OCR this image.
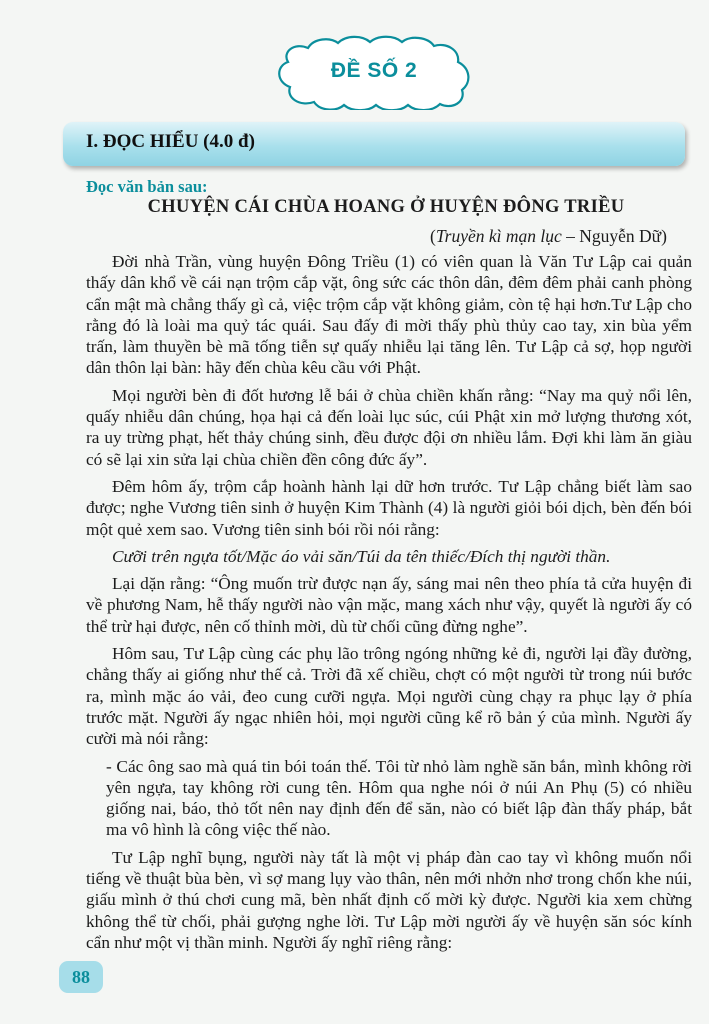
ĐỀ SỐ 2
I. ĐỌC HIỂU (4.0 đ)
Đọc văn bản sau:
CHUYỆN CÁI CHÙA HOANG Ở HUYỆN ĐÔNG TRIỀU
(Truyền kì mạn lục – Nguyễn Dữ)

Đời nhà Trần, vùng huyện Đông Triều (1) có viên quan là Văn Tư Lập cai quản thấy dân khổ về cái nạn trộm cắp vặt, ông sức các thôn dân, đêm đêm phải canh phòng cẩn mật mà chẳng thấy gì cả, việc trộm cắp vặt không giảm, còn tệ hại hơn.Tư Lập cho rằng đó là loài ma quỷ tác quái. Sau đấy đi mời thấy phù thủy cao tay, xin bùa yểm trấn, làm thuyền bè mã tống tiễn sự quấy nhiễu lại tăng lên. Tư Lập cả sợ, họp người dân thôn lại bàn: hãy đến chùa kêu cầu với Phật.

Mọi người bèn đi đốt hương lễ bái ở chùa chiền khấn rằng: “Nay ma quỷ nổi lên, quấy nhiễu dân chúng, họa hại cả đến loài lục súc, cúi Phật xin mở lượng thương xót, ra uy trừng phạt, hết thảy chúng sinh, đều được đội ơn nhiều lắm. Đợi khi làm ăn giàu có sẽ lại xin sửa lại chùa chiền đền công đức ấy”.

Đêm hôm ấy, trộm cắp hoành hành lại dữ hơn trước. Tư Lập chẳng biết làm sao được; nghe Vương tiên sinh ở huyện Kim Thành (4) là người giỏi bói dịch, bèn đến bói một quẻ xem sao. Vương tiên sinh bói rồi nói rằng:

Cưỡi trên ngựa tốt/Mặc áo vải săn/Túi da tên thiếc/Đích thị người thần.

Lại dặn rằng: “Ông muốn trừ được nạn ấy, sáng mai nên theo phía tả cửa huyện đi về phương Nam, hễ thấy người nào vận mặc, mang xách như vậy, quyết là người ấy có thể trừ hại được, nên cố thỉnh mời, dù từ chối cũng đừng nghe”.

Hôm sau, Tư Lập cùng các phụ lão trông ngóng những kẻ đi, người lại đầy đường, chẳng thấy ai giống như thế cả. Trời đã xế chiều, chợt có một người từ trong núi bước ra, mình mặc áo vải, đeo cung cưỡi ngựa. Mọi người cùng chạy ra phục lạy ở phía trước mặt. Người ấy ngạc nhiên hỏi, mọi người cũng kể rõ bản ý của mình. Người ấy cười mà nói rằng:

- Các ông sao mà quá tin bói toán thế. Tôi từ nhỏ làm nghề săn bắn, mình không rời yên ngựa, tay không rời cung tên. Hôm qua nghe nói ở núi An Phụ (5) có nhiều giống nai, báo, thỏ tốt nên nay định đến để săn, nào có biết lập đàn thấy pháp, bắt ma vô hình là công việc thế nào.

Tư Lập nghĩ bụng, người này tất là một vị pháp đàn cao tay vì không muốn nổi tiếng về thuật bùa bèn, vì sợ mang lụy vào thân, nên mới nhởn nhơ trong chốn khe núi, giấu mình ở thú chơi cung mã, bèn nhất định cố mời kỳ được. Người kia xem chừng không thể từ chối, phải gượng nghe lời. Tư Lập mời người ấy về huyện săn sóc kính cẩn như một vị thần minh. Người ấy nghĩ riêng rằng:

88
